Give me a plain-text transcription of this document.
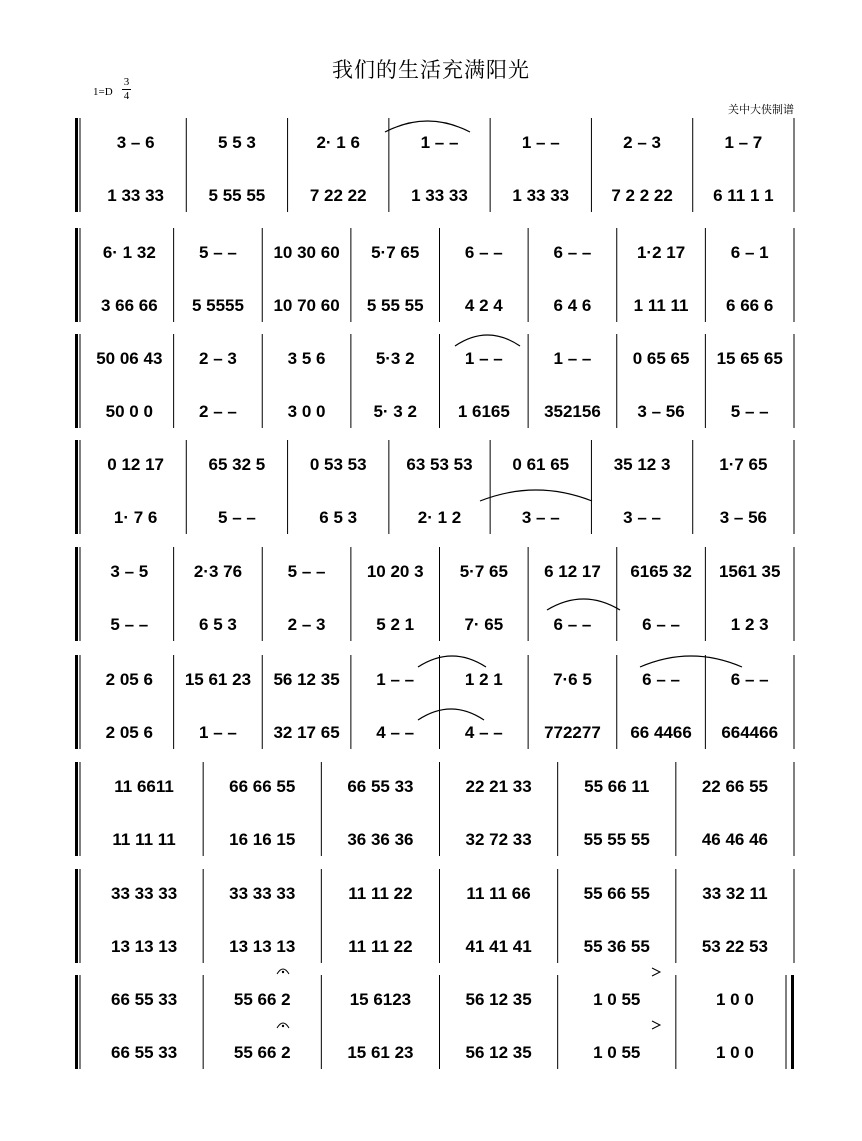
我们的生活充满阳光
1=D
3
4
关中大侠制谱
3 – 6
1 33 33
5 5 3
5 55 55
2· 1 6
7 22 22
1 – –
1 33 33
1 – –
1 33 33
2 – 3
7 2 2 22
1 – 7
6 11 1 1
6· 1 32
3 66 66
5 – –
5 5555
10 30 60
10 70 60
5·7 65
5 55 55
6 – –
4 2 4
6 – –
6 4 6
1·2 17
1 11 11
6 – 1
6 66 6
50 06 43
50 0 0
2 – 3
2 – –
3 5 6
3 0 0
5·3 2
5· 3 2
1 – –
1 6165
1 – –
352156
0 65 65
3 – 56
15 65 65
5 – –
0 12 17
1· 7 6
65 32 5
5 – –
0 53 53
6 5 3
63 53 53
2· 1 2
0 61 65
3 – –
35 12 3
3 – –
1·7 65
3 – 56
3 – 5
5 – –
2·3 76
6 5 3
5 – –
2 – 3
10 20 3
5 2 1
5·7 65
7· 65
6 12 17
6 – –
6165 32
6 – –
1561 35
1 2 3
2 05 6
2 05 6
15 61 23
1 – –
56 12 35
32 17 65
1 – –
4 – –
1 2 1
4 – –
7·6 5
772277
6 – –
66 4466
6 – –
664466
11 6611
11 11 11
66 66 55
16 16 15
66 55 33
36 36 36
22 21 33
32 72 33
55 66 11
55 55 55
22 66 55
46 46 46
33 33 33
13 13 13
33 33 33
13 13 13
11 11 22
11 11 22
11 11 66
41 41 41
55 66 55
55 36 55
33 32 11
53 22 53
66 55 33
66 55 33
55 66 2
55 66 2
15 6123
15 61 23
56 12 35
56 12 35
1 0 55
1 0 55
1 0 0
1 0 0
